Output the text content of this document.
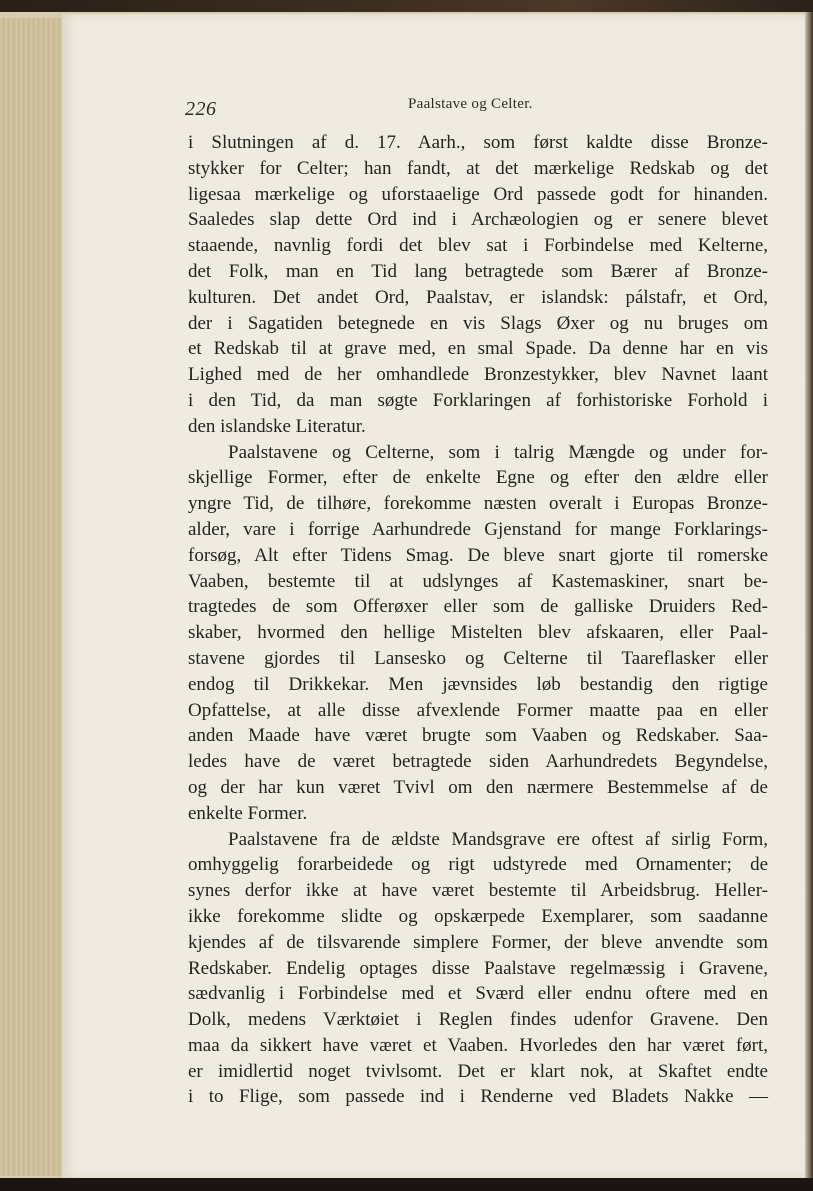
226	Paalstave og Celter.
i Slutningen af d. 17. Aarh., som først kaldte disse Bronze-
stykker for Celter; han fandt, at det mærkelige Redskab og det
ligesaa mærkelige og uforstaaelige Ord passede godt for hinanden.
Saaledes slap dette Ord ind i Archæologien og er senere blevet
staaende, navnlig fordi det blev sat i Forbindelse med Kelterne,
det Folk, man en Tid lang betragtede som Bærer af Bronze-
kulturen. Det andet Ord, Paalstav, er islandsk: pálstafr, et Ord,
der i Sagatiden betegnede en vis Slags Øxer og nu bruges om
et Redskab til at grave med, en smal Spade. Da denne har en vis
Lighed med de her omhandlede Bronzestykker, blev Navnet laant
i den Tid, da man søgte Forklaringen af forhistoriske Forhold i
den islandske Literatur.
Paalstavene og Celterne, som i talrig Mængde og under for-
skjellige Former, efter de enkelte Egne og efter den ældre eller
yngre Tid, de tilhøre, forekomme næsten overalt i Europas Bronze-
alder, vare i forrige Aarhundrede Gjenstand for mange Forklarings-
forsøg, Alt efter Tidens Smag. De bleve snart gjorte til romerske
Vaaben, bestemte til at udslynges af Kastemaskiner, snart be-
tragtedes de som Offerøxer eller som de galliske Druiders Red-
skaber, hvormed den hellige Mistelten blev afskaaren, eller Paal-
stavene gjordes til Lansesko og Celterne til Taareflasker eller
endog til Drikkekar. Men jævnsides løb bestandig den rigtige
Opfattelse, at alle disse afvexlende Former maatte paa en eller
anden Maade have været brugte som Vaaben og Redskaber. Saa-
ledes have de været betragtede siden Aarhundredets Begyndelse,
og der har kun været Tvivl om den nærmere Bestemmelse af de
enkelte Former.
Paalstavene fra de ældste Mandsgrave ere oftest af sirlig Form,
omhyggelig forarbeidede og rigt udstyrede med Ornamenter; de
synes derfor ikke at have været bestemte til Arbeidsbrug. Heller-
ikke forekomme slidte og opskærpede Exemplarer, som saadanne
kjendes af de tilsvarende simplere Former, der bleve anvendte som
Redskaber. Endelig optages disse Paalstave regelmæssig i Gravene,
sædvanlig i Forbindelse med et Sværd eller endnu oftere med en
Dolk, medens Værktøiet i Reglen findes udenfor Gravene. Den
maa da sikkert have været et Vaaben. Hvorledes den har været ført,
er imidlertid noget tvivlsomt. Det er klart nok, at Skaftet endte
i to Flige, som passede ind i Renderne ved Bladets Nakke —
